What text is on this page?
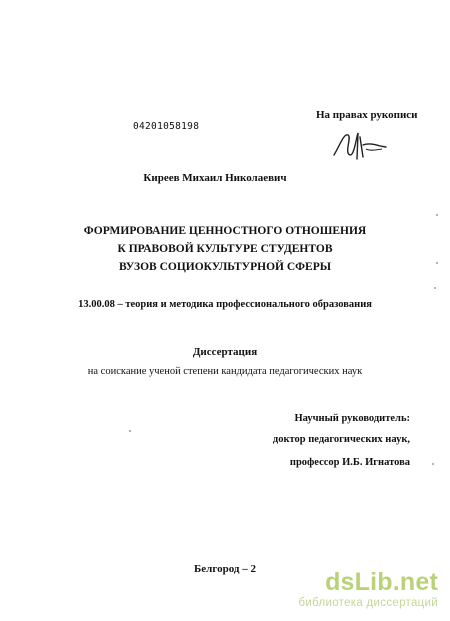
На правах рукописи
04201058198
Киреев Михаил Николаевич
ФОРМИРОВАНИЕ ЦЕННОСТНОГО ОТНОШЕНИЯ
К ПРАВОВОЙ КУЛЬТУРЕ СТУДЕНТОВ
ВУЗОВ СОЦИОКУЛЬТУРНОЙ СФЕРЫ
13.00.08 – теория и методика профессионального образования
Диссертация
на соискание ученой степени кандидата педагогических наук
Научный руководитель:
доктор педагогических наук,
профессор И.Б. Игнатова
Белгород – 2	dsLib.net
библиотека диссертаций
